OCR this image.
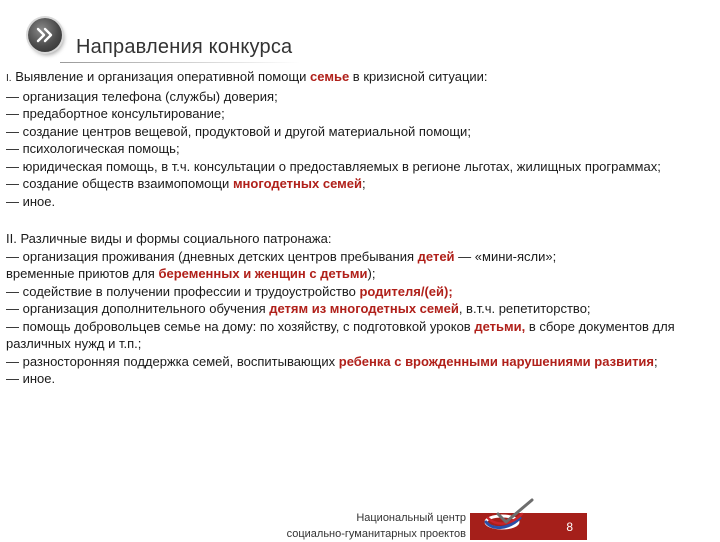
Направления конкурса

I. Выявление и организация оперативной помощи семье в кризисной ситуации:

— организация телефона (службы) доверия;

— предабортное консультирование;

— создание центров вещевой, продуктовой и другой материальной помощи;

— психологическая помощь;

— юридическая помощь, в т.ч. консультации о предоставляемых в регионе льготах, жилищных программах;

— создание обществ взаимопомощи многодетных семей;

— иное.

II. Различные виды и формы социального патронажа:

— организация проживания (дневных детских центров пребывания детей — «мини-ясли»;

временные приютов для беременных и женщин с детьми);

— содействие в получении профессии и трудоустройство родителя/(ей);

— организация дополнительного обучения детям из многодетных семей, в.т.ч. репетиторство;

— помощь добровольцев семье на дому: по хозяйству, с подготовкой уроков детьми, в сборе документов для различных нужд и т.п.;

— разносторонняя поддержка семей, воспитывающих ребенка с врожденными нарушениями развития;

— иное.

Национальный центр
социально-гуманитарных проектов
8
